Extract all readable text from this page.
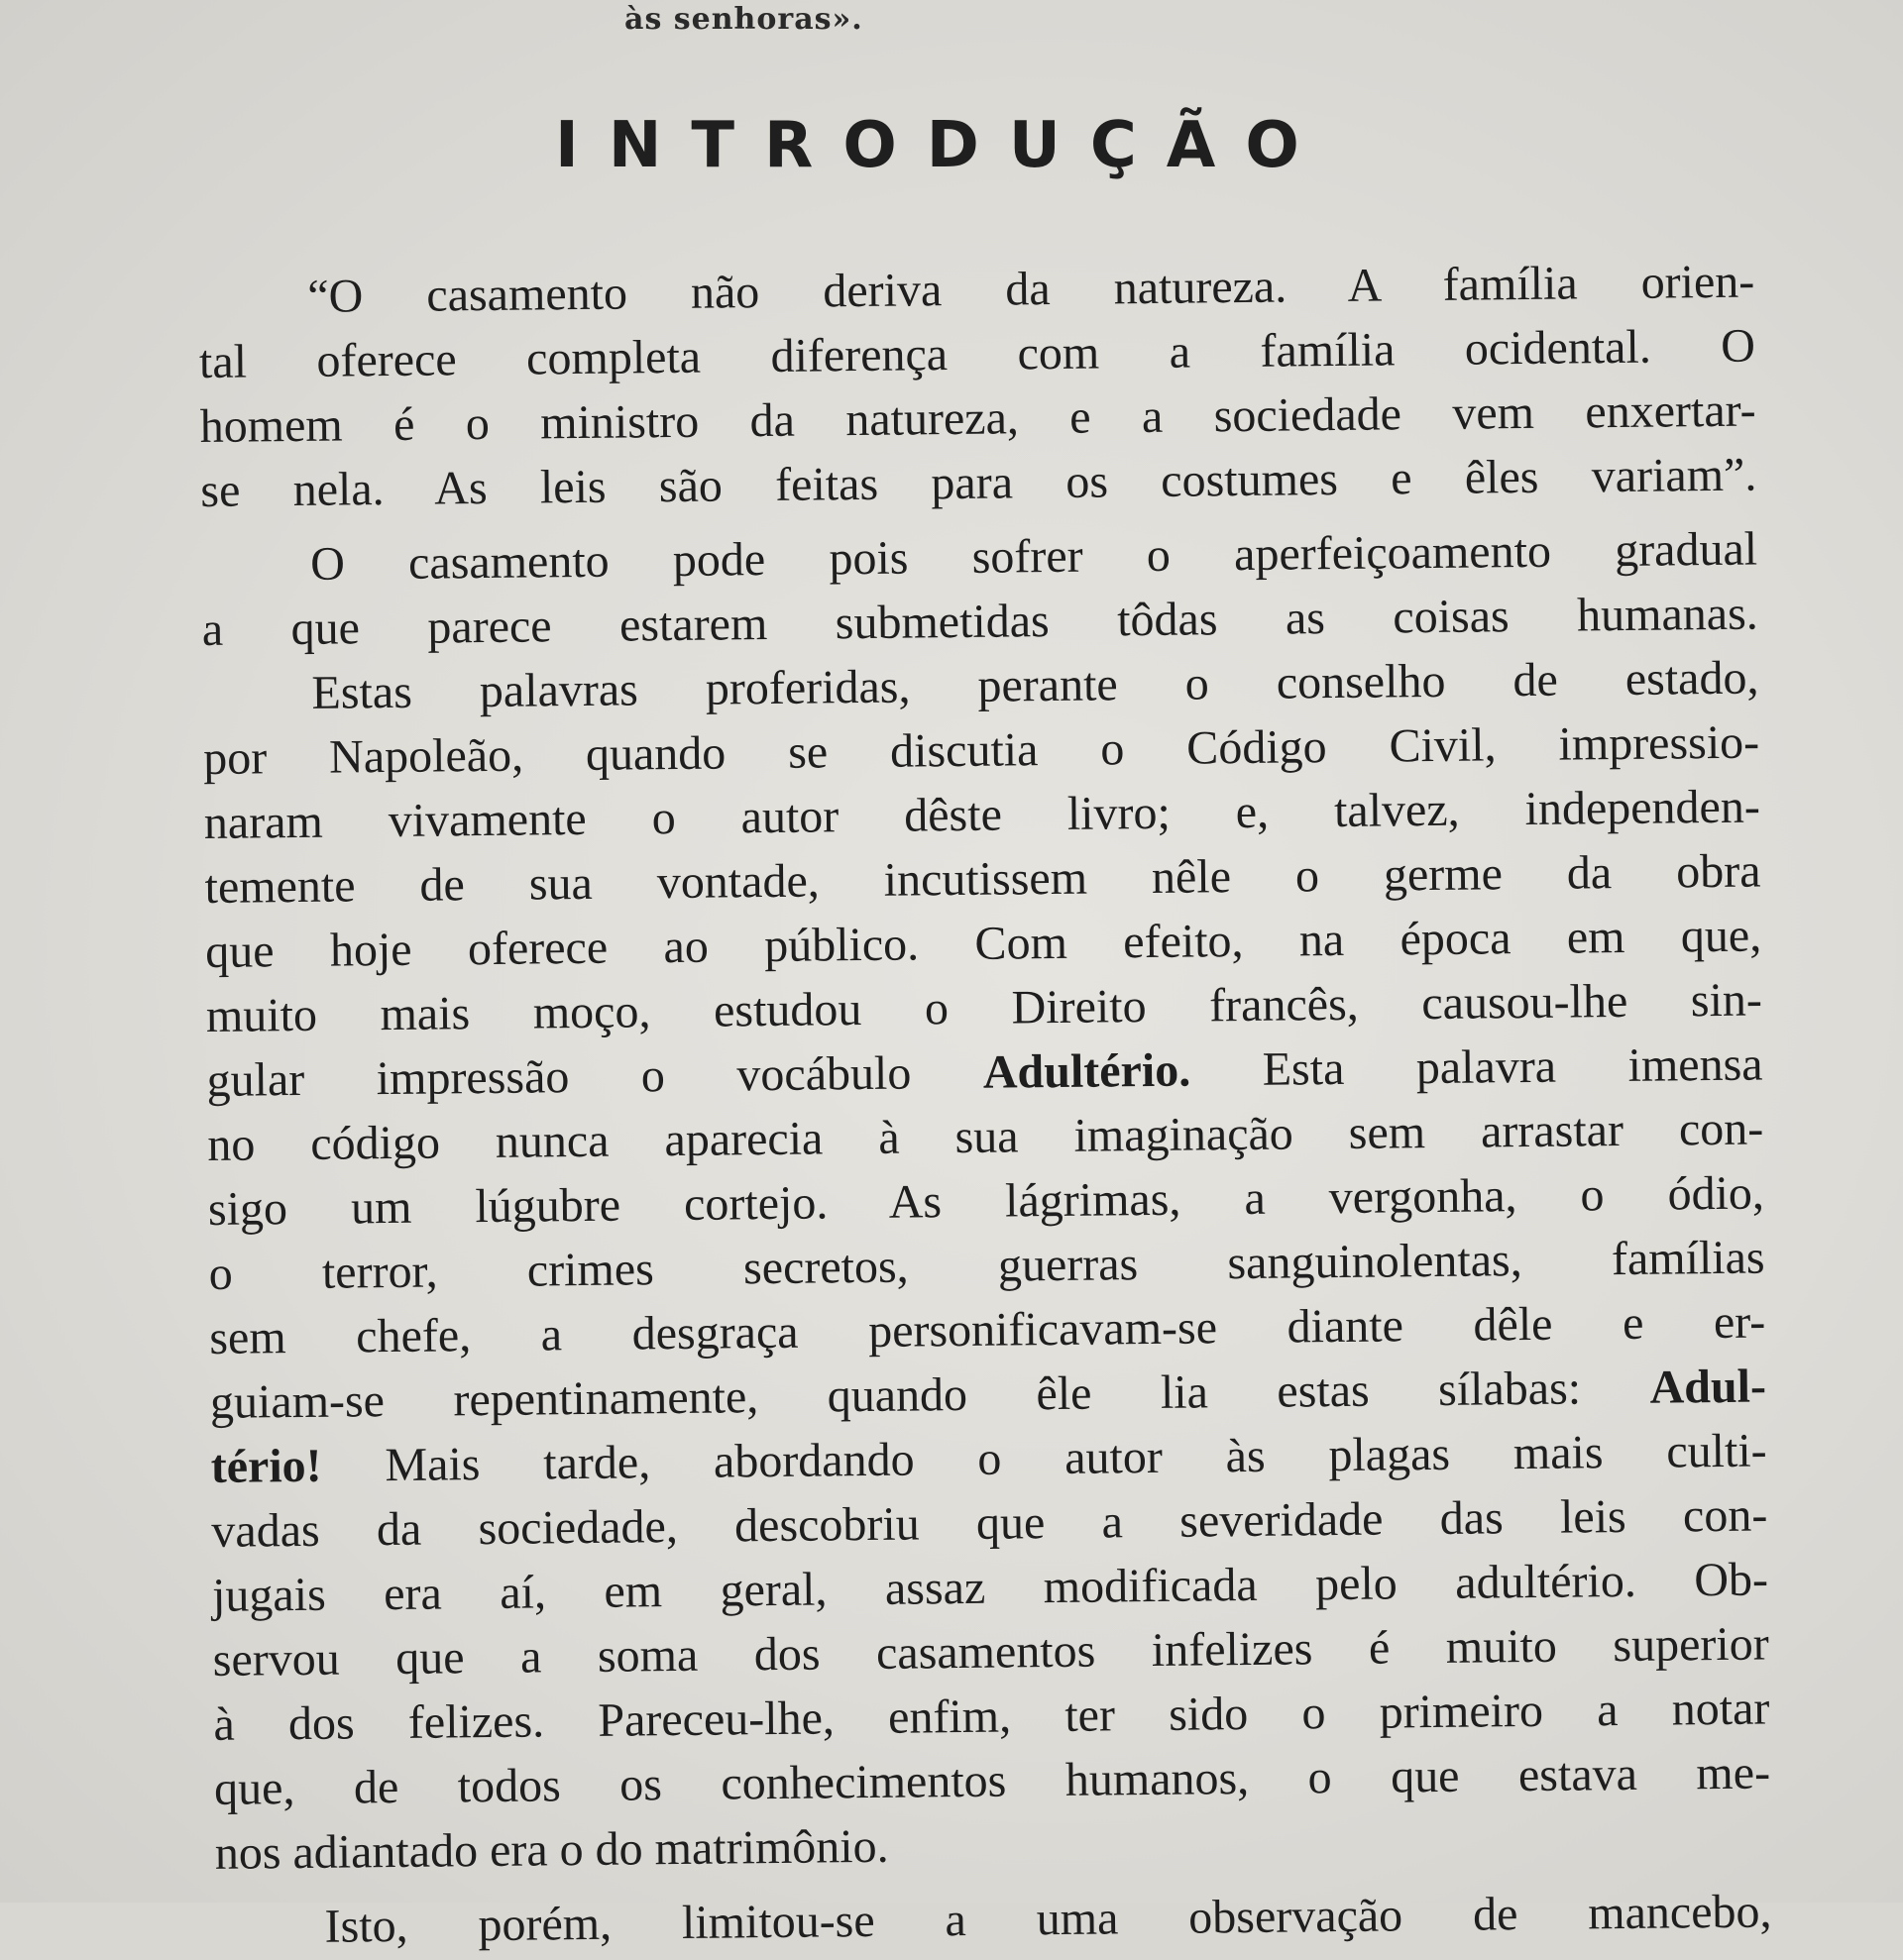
às senhoras».
INTRODUÇÃO
“O casamento não deriva da natureza. A família orien-
tal oferece completa diferença com a família ocidental. O
homem é o ministro da natureza, e a sociedade vem enxertar-
se nela. As leis são feitas para os costumes e êles variam”.
O casamento pode pois sofrer o aperfeiçoamento gradual
a que parece estarem submetidas tôdas as coisas humanas.
Estas palavras proferidas, perante o conselho de estado,
por Napoleão, quando se discutia o Código Civil, impressio-
naram vivamente o autor dêste livro; e, talvez, independen-
temente de sua vontade, incutissem nêle o germe da obra
que hoje oferece ao público. Com efeito, na época em que,
muito mais moço, estudou o Direito francês, causou-lhe sin-
gular impressão o vocábulo Adultério. Esta palavra imensa
no código nunca aparecia à sua imaginação sem arrastar con-
sigo um lúgubre cortejo. As lágrimas, a vergonha, o ódio,
o terror, crimes secretos, guerras sanguinolentas, famílias
sem chefe, a desgraça personificavam-se diante dêle e er-
guiam-se repentinamente, quando êle lia estas sílabas: Adul-
tério! Mais tarde, abordando o autor às plagas mais culti-
vadas da sociedade, descobriu que a severidade das leis con-
jugais era aí, em geral, assaz modificada pelo adultério. Ob-
servou que a soma dos casamentos infelizes é muito superior
à dos felizes. Pareceu-lhe, enfim, ter sido o primeiro a notar
que, de todos os conhecimentos humanos, o que estava me-
nos adiantado era o do matrimônio.
Isto, porém, limitou-se a uma observação de mancebo,
